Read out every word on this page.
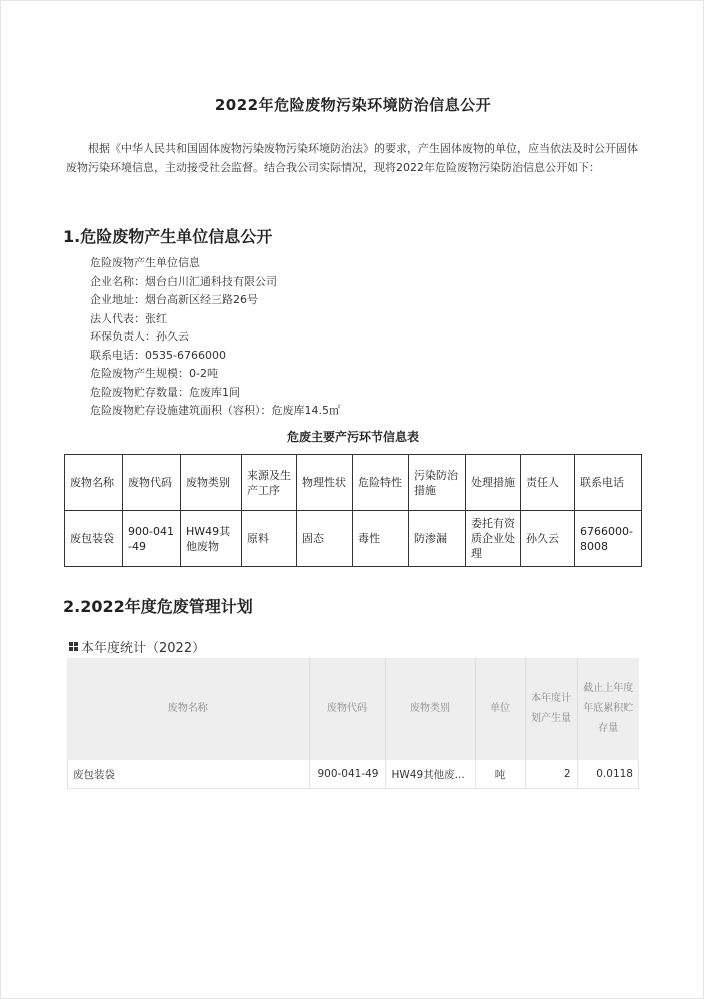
2022年危险废物污染环境防治信息公开
根据《中华人民共和国固体废物污染废物污染环境防治法》的要求，产生固体废物的单位，应当依法及时公开固体废物污染环境信息，主动接受社会监督。结合我公司实际情况，现将2022年危险废物污染防治信息公开如下：
1.危险废物产生单位信息公开
危险废物产生单位信息
企业名称：烟台白川汇通科技有限公司
企业地址：烟台高新区经三路26号
法人代表：张红
环保负责人：孙久云
联系电话：0535-6766000
危险废物产生规模：0-2吨
危险废物贮存数量：危废库1间
危险废物贮存设施建筑面积（容积）：危废库14.5㎡
危废主要产污环节信息表
废物名称	废物代码	废物类别	来源及生产工序	物理性状	危险特性	污染防治措施	处理措施	责任人	联系电话
废包装袋	900-041-49	HW49其他废物	原料	固态	毒性	防渗漏	委托有资质企业处理	孙久云	6766000-8008
2.2022年度危废管理计划
本年度统计（2022）
废物名称	废物代码	废物类别	单位	本年度计划产生量	截止上年度年底累积贮存量
废包装袋	900-041-49	HW49其他废...	吨	2	0.0118
